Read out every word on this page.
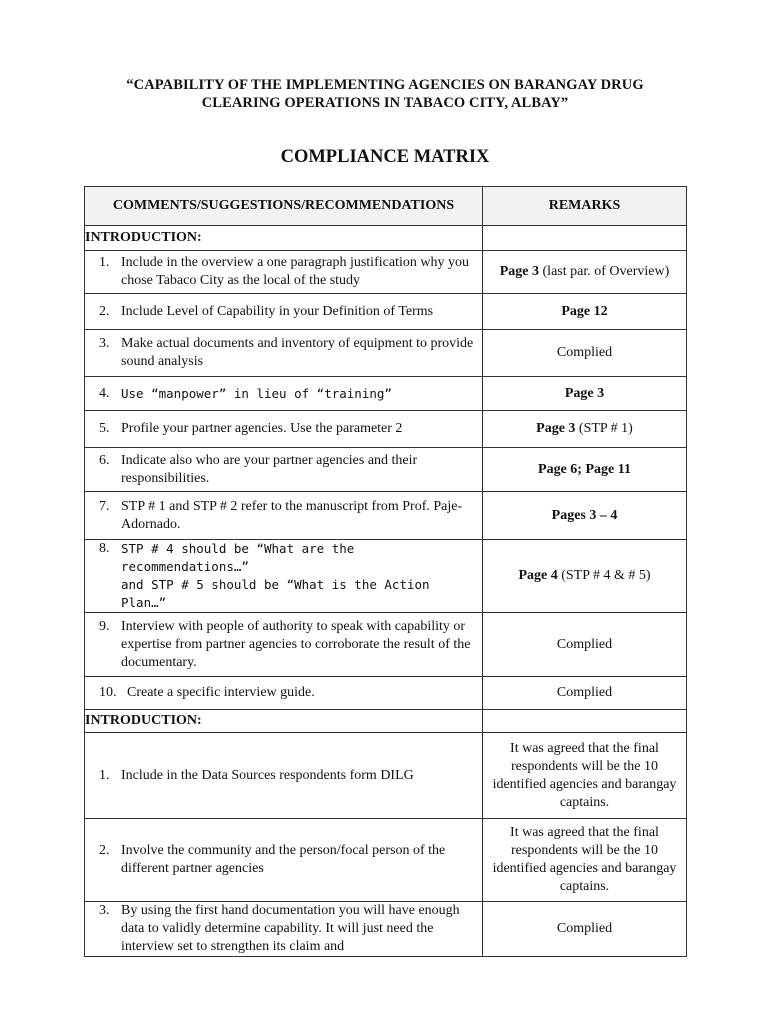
“CAPABILITY OF THE IMPLEMENTING AGENCIES ON BARANGAY DRUG
CLEARING OPERATIONS IN TABACO CITY, ALBAY”
COMPLIANCE MATRIX
COMMENTS/SUGGESTIONS/RECOMMENDATIONS	REMARKS
INTRODUCTION:	

1. Include in the overview a one paragraph justification why you chose Tabaco City as the local of the study	Page 3 (last par. of Overview)

2. Include Level of Capability in your Definition of Terms	Page 12

3. Make actual documents and inventory of equipment to provide sound analysis	Complied

4. Use “manpower” in lieu of “training”	Page 3

5. Profile your partner agencies. Use the parameter 2	Page 3 (STP # 1)

6. Indicate also who are your partner agencies and their responsibilities.	Page 6; Page 11

7. STP # 1 and STP # 2 refer to the manuscript from Prof. Paje-Adornado.	Pages 3 – 4

8. STP # 4 should be “What are the recommendations…”
and STP # 5 should be “What is the Action Plan…”	Page 4 (STP # 4 & # 5)

9. Interview with people of authority to speak with capability or expertise from partner agencies to corroborate the result of the documentary.	Complied

10. Create a specific interview guide.	Complied
INTRODUCTION:	

1. Include in the Data Sources respondents form DILG	It was agreed that the final respondents will be the 10 identified agencies and barangay captains.

2. Involve the community and the person/focal person of the different partner agencies	It was agreed that the final respondents will be the 10 identified agencies and barangay captains.

3. By using the first hand documentation you will have enough data to validly determine capability. It will just need the interview set to strengthen its claim and	Complied
